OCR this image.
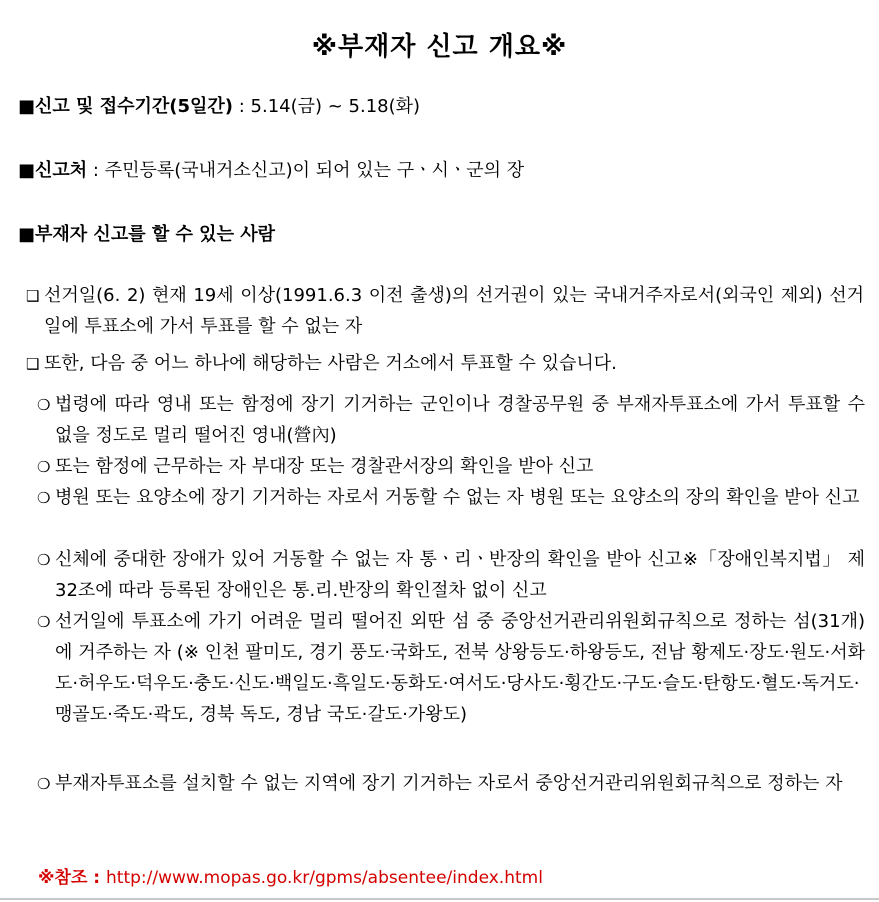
※부재자 신고 개요※
■신고 및 접수기간(5일간) : 5.14(금) ~ 5.18(화)
■신고처 : 주민등록(국내거소신고)이 되어 있는 구ㆍ시ㆍ군의 장
■부재자 신고를 할 수 있는 사람
❑ 선거일(6. 2) 현재 19세 이상(1991.6.3 이전 출생)의 선거권이 있는 국내거주자로서(외국인 제외) 선거일에 투표소에 가서 투표를 할 수 없는 자
❑ 또한, 다음 중 어느 하나에 해당하는 사람은 거소에서 투표할 수 있습니다.
❍ 법령에 따라 영내 또는 함정에 장기 기거하는 군인이나 경찰공무원 중 부재자투표소에 가서 투표할 수 없을 정도로 멀리 떨어진 영내(營內)
❍ 또는 함정에 근무하는 자 부대장 또는 경찰관서장의 확인을 받아 신고
❍ 병원 또는 요양소에 장기 기거하는 자로서 거동할 수 없는 자 병원 또는 요양소의 장의 확인을 받아 신고
❍ 신체에 중대한 장애가 있어 거동할 수 없는 자 통ㆍ리ㆍ반장의 확인을 받아 신고※「장애인복지법」 제32조에 따라 등록된 장애인은 통.리.반장의 확인절차 없이 신고
❍ 선거일에 투표소에 가기 어려운 멀리 떨어진 외딴 섬 중 중앙선거관리위원회규칙으로 정하는 섬(31개)에 거주하는 자 (※ 인천 팔미도, 경기 풍도·국화도, 전북 상왕등도·하왕등도, 전남 황제도·장도·원도·서화도·허우도·덕우도·충도·신도·백일도·흑일도·동화도·여서도·당사도·횡간도·구도·슬도·탄항도·혈도·독거도·맹골도·죽도·곽도, 경북 독도, 경남 국도·갈도·가왕도)
❍ 부재자투표소를 설치할 수 없는 지역에 장기 기거하는 자로서 중앙선거관리위원회규칙으로 정하는 자
※참조 : http://www.mopas.go.kr/gpms/absentee/index.html
